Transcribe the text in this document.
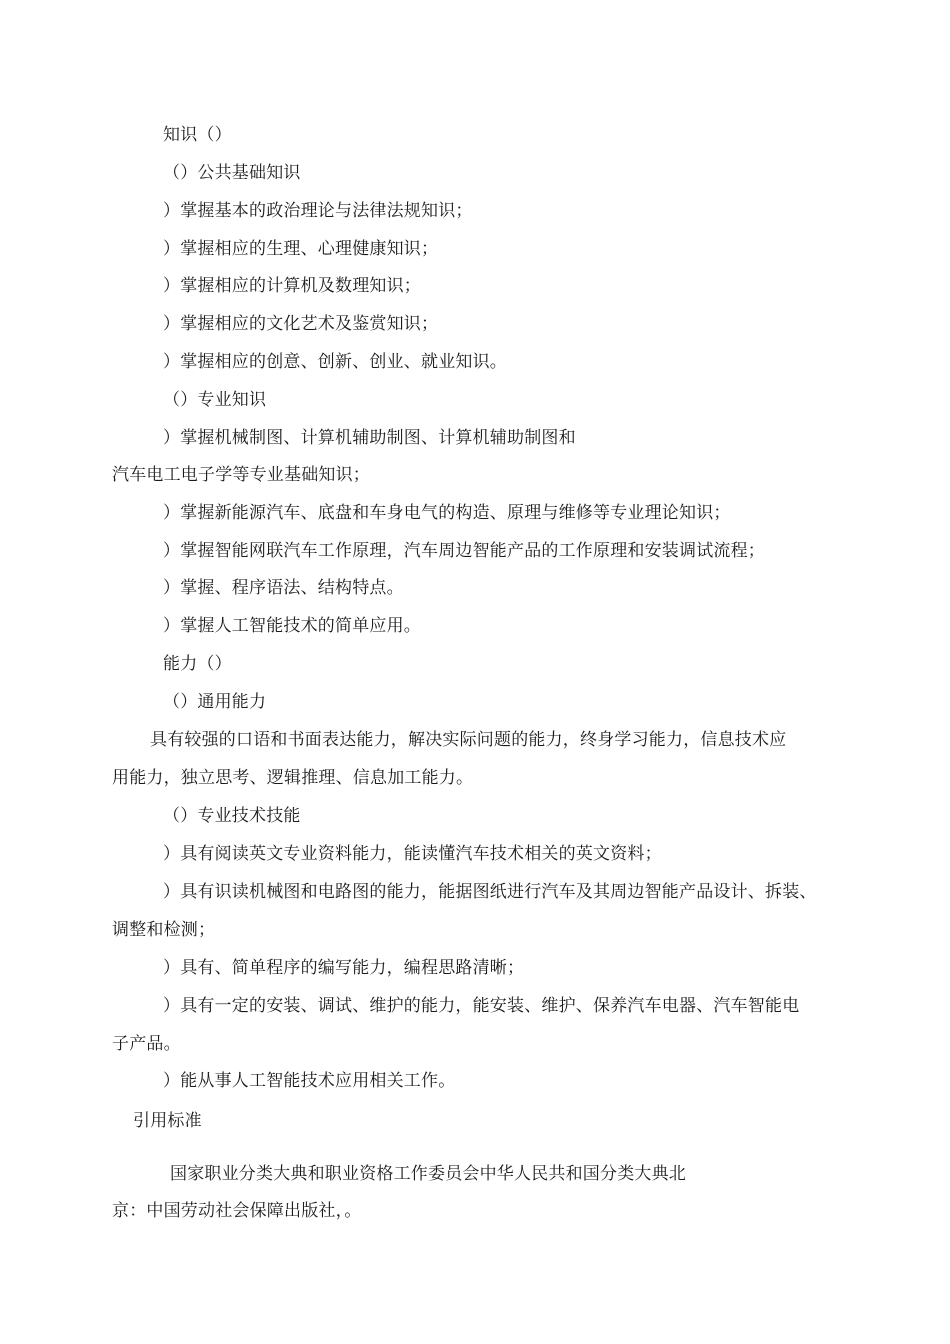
知识（）
（）公共基础知识
）掌握基本的政治理论与法律法规知识；
）掌握相应的生理、心理健康知识；
）掌握相应的计算机及数理知识；
）掌握相应的文化艺术及鉴赏知识；
）掌握相应的创意、创新、创业、就业知识。
（）专业知识
）掌握机械制图、计算机辅助制图、计算机辅助制图和
汽车电工电子学等专业基础知识；
）掌握新能源汽车、底盘和车身电气的构造、原理与维修等专业理论知识；
）掌握智能网联汽车工作原理，汽车周边智能产品的工作原理和安装调试流程；
）掌握、程序语法、结构特点。
）掌握人工智能技术的简单应用。
能力（）
（）通用能力
具有较强的口语和书面表达能力，解决实际问题的能力，终身学习能力，信息技术应
用能力，独立思考、逻辑推理、信息加工能力。
（）专业技术技能
）具有阅读英文专业资料能力，能读懂汽车技术相关的英文资料；
）具有识读机械图和电路图的能力，能据图纸进行汽车及其周边智能产品设计、拆装、
调整和检测；
）具有、简单程序的编写能力，编程思路清晰；
）具有一定的安装、调试、维护的能力，能安装、维护、保养汽车电器、汽车智能电
子产品。
）能从事人工智能技术应用相关工作。
引用标准
国家职业分类大典和职业资格工作委员会中华人民共和国分类大典北
京：中国劳动社会保障出版社，。
